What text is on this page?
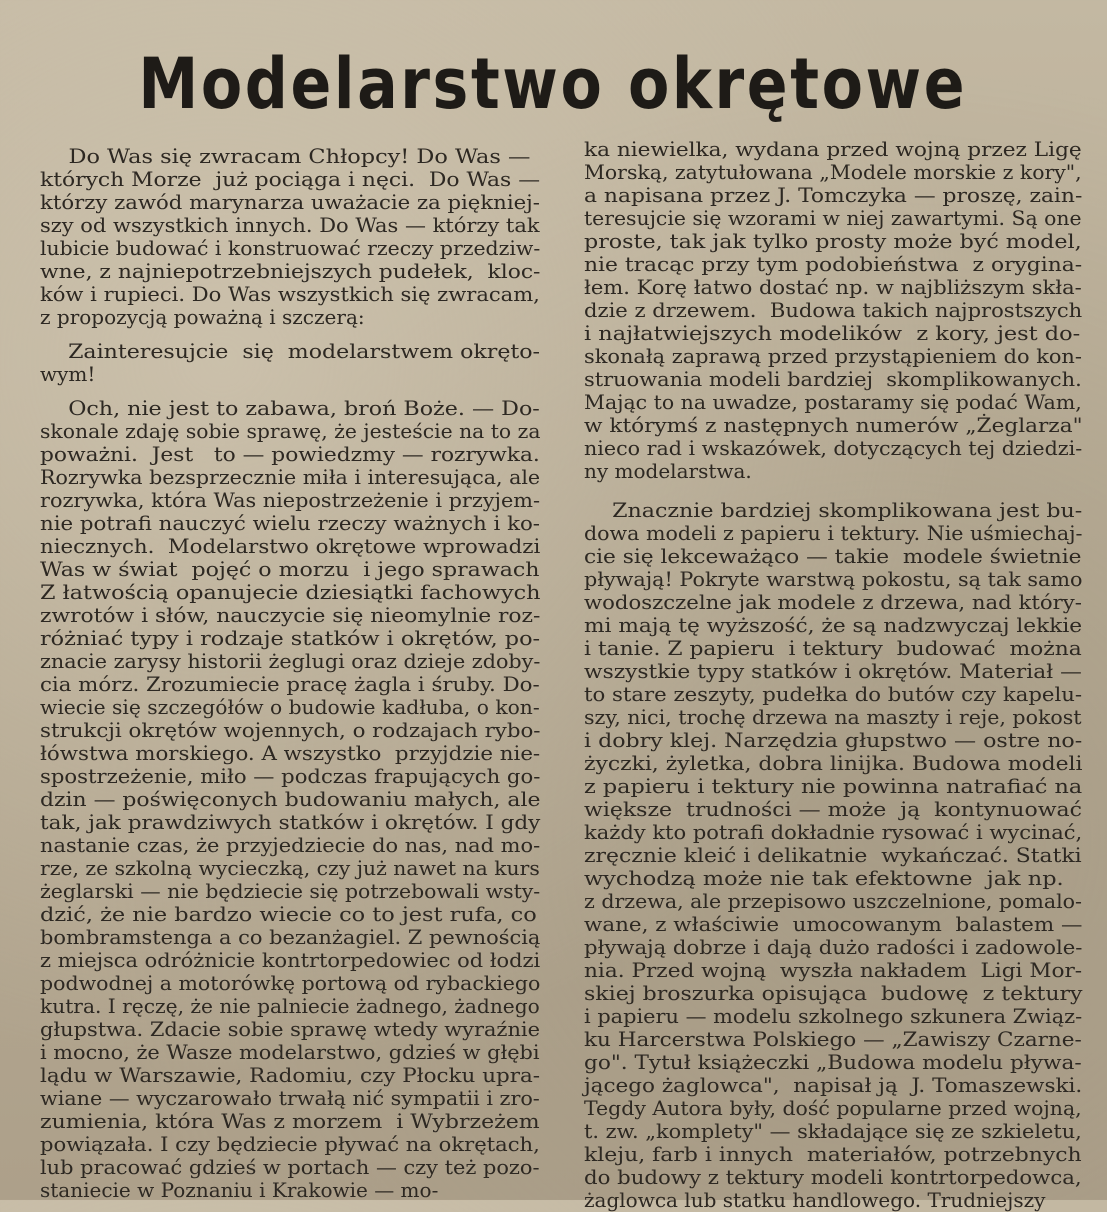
Modelarstwo okrętowe
Do Was się zwracam Chłopcy! Do Was —
których Morze  już pociąga i nęci.  Do Was —
którzy zawód marynarza uważacie za piękniej-
szy od wszystkich innych. Do Was — którzy tak
lubicie budować i konstruować rzeczy przedziw-
wne, z najniepotrzebniejszych pudełek,  kloc-
ków i rupieci. Do Was wszystkich się zwracam,
z propozycją poważną i szczerą:
Zainteresujcie  się  modelarstwem okręto-
wym!
Och, nie jest to zabawa, broń Boże. — Do-
skonale zdaję sobie sprawę, że jesteście na to za
poważni.  Jest   to — powiedzmy — rozrywka.
Rozrywka bezsprzecznie miła i interesująca, ale
rozrywka, która Was niepostrzeżenie i przyjem-
nie potrafi nauczyć wielu rzeczy ważnych i ko-
niecznych.  Modelarstwo okrętowe wprowadzi
Was w świat  pojęć o morzu  i jego sprawach
Z łatwością opanujecie dziesiątki fachowych
zwrotów i słów, nauczycie się nieomylnie roz-
różniać typy i rodzaje statków i okrętów, po-
znacie zarysy historii żeglugi oraz dzieje zdoby-
cia mórz. Zrozumiecie pracę żagla i śruby. Do-
wiecie się szczegółów o budowie kadłuba, o kon-
strukcji okrętów wojennych, o rodzajach rybo-
łówstwa morskiego. A wszystko  przyjdzie nie-
spostrzeżenie, miło — podczas frapujących go-
dzin — poświęconych budowaniu małych, ale
tak, jak prawdziwych statków i okrętów. I gdy
nastanie czas, że przyjedziecie do nas, nad mo-
rze, ze szkolną wycieczką, czy już nawet na kurs
żeglarski — nie będziecie się potrzebowali wsty-
dzić, że nie bardzo wiecie co to jest rufa, co
bombramstenga a co bezanżagiel. Z pewnością
z miejsca odróżnicie kontrtorpedowiec od łodzi
podwodnej a motorówkę portową od rybackiego
kutra. I ręczę, że nie palniecie żadnego, żadnego
głupstwa. Zdacie sobie sprawę wtedy wyraźnie
i mocno, że Wasze modelarstwo, gdzieś w głębi
lądu w Warszawie, Radomiu, czy Płocku upra-
wiane — wyczarowało trwałą nić sympatii i zro-
zumienia, która Was z morzem  i Wybrzeżem
powiązała. I czy będziecie pływać na okrętach,
lub pracować gdzieś w portach — czy też pozo-
staniecie w Poznaniu i Krakowie — mo-
ka niewielka, wydana przed wojną przez Ligę
Morską, zatytułowana „Modele morskie z kory",
a napisana przez J. Tomczyka — proszę, zain-
teresujcie się wzorami w niej zawartymi. Są one
proste, tak jak tylko prosty może być model,
nie tracąc przy tym podobieństwa  z orygina-
łem. Korę łatwo dostać np. w najbliższym skła-
dzie z drzewem.  Budowa takich najprostszych
i najłatwiejszych modelików  z kory, jest do-
skonałą zaprawą przed przystąpieniem do kon-
struowania modeli bardziej  skomplikowanych.
Mając to na uwadze, postaramy się podać Wam,
w którymś z następnych numerów „Żeglarza"
nieco rad i wskazówek, dotyczących tej dziedzi-
ny modelarstwa.
Znacznie bardziej skomplikowana jest bu-
dowa modeli z papieru i tektury. Nie uśmiechaj-
cie się lekceważąco — takie  modele świetnie
pływają! Pokryte warstwą pokostu, są tak samo
wodoszczelne jak modele z drzewa, nad który-
mi mają tę wyższość, że są nadzwyczaj lekkie
i tanie. Z papieru  i tektury  budować  można
wszystkie typy statków i okrętów. Materiał —
to stare zeszyty, pudełka do butów czy kapelu-
szy, nici, trochę drzewa na maszty i reje, pokost
i dobry klej. Narzędzia głupstwo — ostre no-
życzki, żyletka, dobra linijka. Budowa modeli
z papieru i tektury nie powinna natrafiać na
większe  trudności — może  ją  kontynuować
każdy kto potrafi dokładnie rysować i wycinać,
zręcznie kleić i delikatnie  wykańczać. Statki
wychodzą może nie tak efektowne  jak np.
z drzewa, ale przepisowo uszczelnione, pomalo-
wane, z właściwie  umocowanym  balastem —
pływają dobrze i dają dużo radości i zadowole-
nia. Przed wojną  wyszła nakładem  Ligi Mor-
skiej broszurka opisująca  budowę  z tektury
i papieru — modelu szkolnego szkunera Związ-
ku Harcerstwa Polskiego — „Zawiszy Czarne-
go". Tytuł książeczki „Budowa modelu pływa-
jącego żaglowca",  napisał ją  J. Tomaszewski.
Tegdy Autora były, dość popularne przed wojną,
t. zw. „komplety" — składające się ze szkieletu,
kleju, farb i innych  materiałów, potrzebnych
do budowy z tektury modeli kontrtorpedowca,
żaglowca lub statku handlowego. Trudniejszy
